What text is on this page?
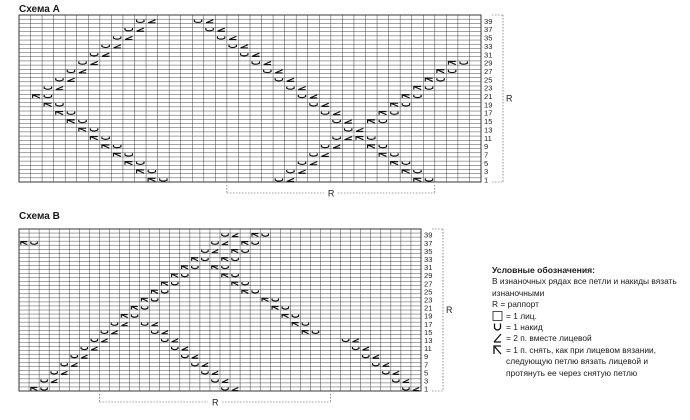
Схема А
39
37
35
33
31
29
27
25
23
21
19
17
15
13
11
9
7
5
3
1
R
R
Схема В
39
37
35
33
31
29
27
25
23
21
19
17
15
13
11
9
7
5
3
1
R
R
Условные обозначения:
В изнаночных рядах все петли и накиды вязать изнаночными
R = раппорт
= 1 лиц.
= 1 накид
= 2 п. вместе лицевой
= 1 п. снять, как при лицевом вязании, следующую петлю вязать лицевой и протянуть ее через снятую петлю
